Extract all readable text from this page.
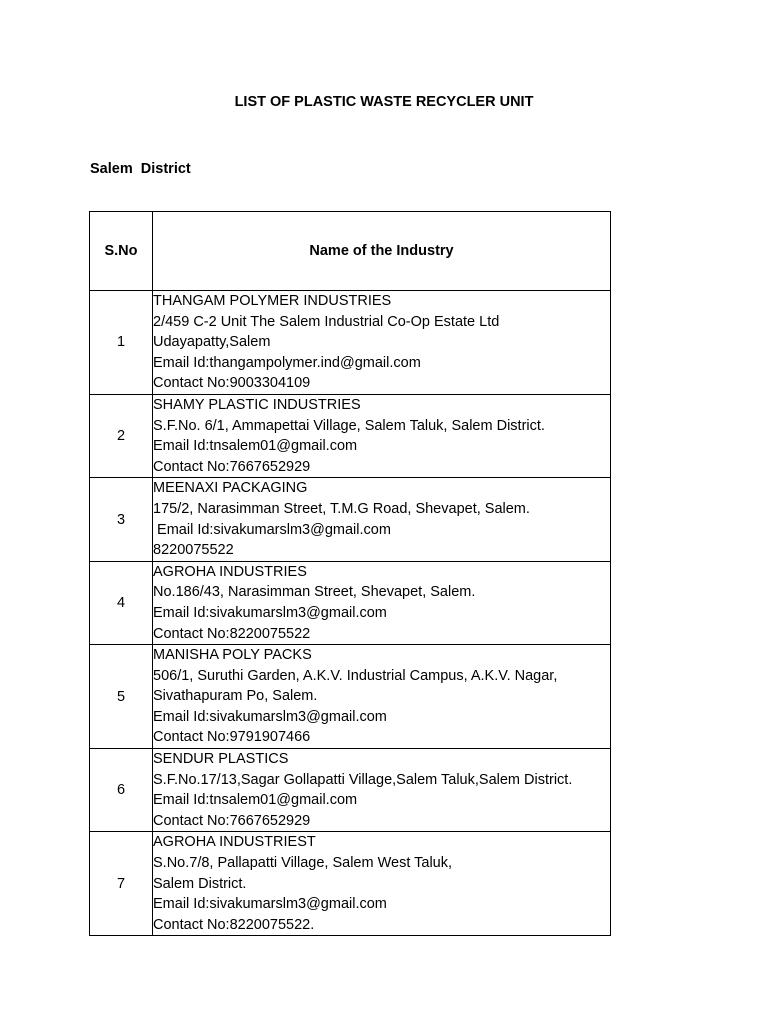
LIST OF PLASTIC WASTE RECYCLER UNIT
Salem  District
S.No	Name of the Industry
1	THANGAM POLYMER INDUSTRIES
2/459 C-2 Unit The Salem Industrial Co-Op Estate Ltd
Udayapatty,Salem
Email Id:thangampolymer.ind@gmail.com
Contact No:9003304109

2	SHAMY PLASTIC INDUSTRIES
S.F.No. 6/1, Ammapettai Village, Salem Taluk, Salem District.
Email Id:tnsalem01@gmail.com
Contact No:7667652929

3	MEENAXI PACKAGING
175/2, Narasimman Street, T.M.G Road, Shevapet, Salem.
Email Id:sivakumarslm3@gmail.com
8220075522

4	AGROHA INDUSTRIES
No.186/43, Narasimman Street, Shevapet, Salem.
Email Id:sivakumarslm3@gmail.com
Contact No:8220075522

5	MANISHA POLY PACKS
506/1, Suruthi Garden, A.K.V. Industrial Campus, A.K.V. Nagar,
Sivathapuram Po, Salem.
Email Id:sivakumarslm3@gmail.com
Contact No:9791907466

6	SENDUR PLASTICS
S.F.No.17/13,Sagar Gollapatti Village,Salem Taluk,Salem District.
Email Id:tnsalem01@gmail.com
Contact No:7667652929

7	AGROHA INDUSTRIEST
S.No.7/8, Pallapatti Village, Salem West Taluk,
Salem District.
Email Id:sivakumarslm3@gmail.com
Contact No:8220075522.
